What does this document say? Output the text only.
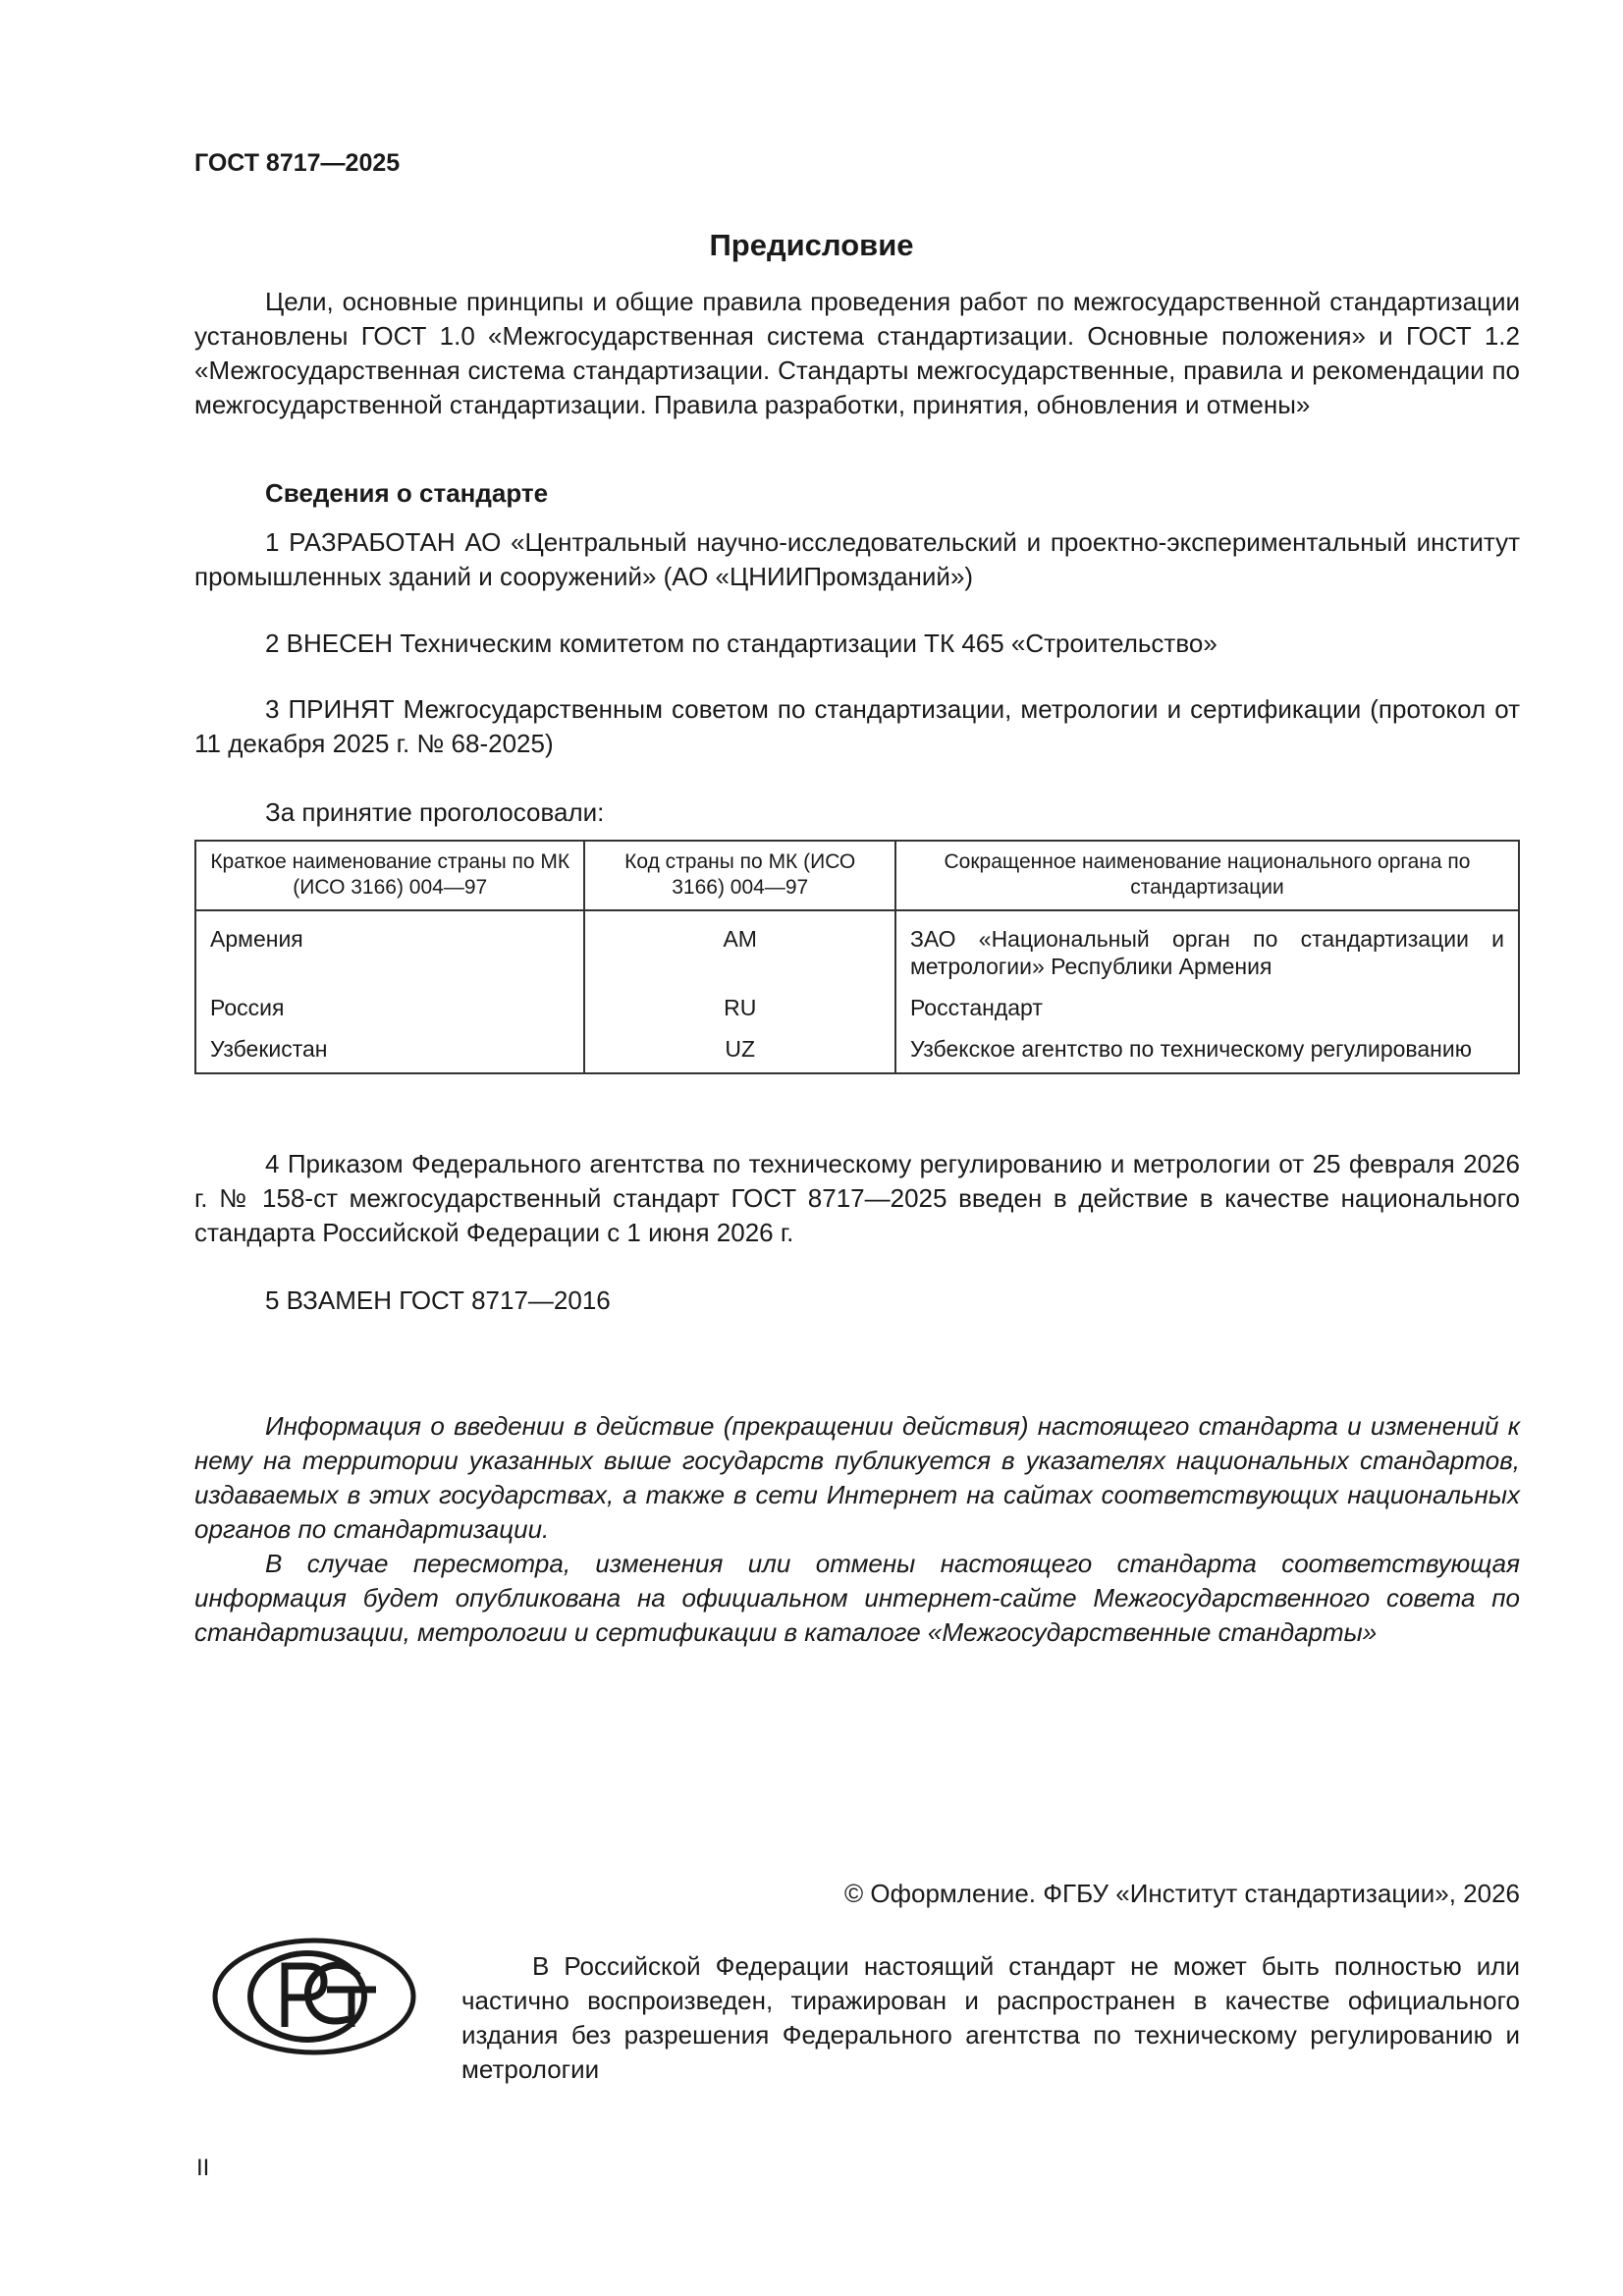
ГОСТ 8717—2025
Предисловие

Цели, основные принципы и общие правила проведения работ по межгосударственной стандартизации установлены ГОСТ 1.0 «Межгосударственная система стандартизации. Основные положения» и ГОСТ 1.2 «Межгосударственная система стандартизации. Стандарты межгосударственные, правила и рекомендации по межгосударственной стандартизации. Правила разработки, принятия, обновления и отмены»

Сведения о стандарте

1 РАЗРАБОТАН АО «Центральный научно-исследовательский и проектно-экспериментальный институт промышленных зданий и сооружений» (АО «ЦНИИПромзданий»)

2 ВНЕСЕН Техническим комитетом по стандартизации ТК 465 «Строительство»

3 ПРИНЯТ Межгосударственным советом по стандартизации, метрологии и сертификации (протокол от 11 декабря 2025 г. № 68-2025)

За принятие проголосовали:
Краткое наименование страны по МК (ИСО 3166) 004—97	Код страны по МК (ИСО 3166) 004—97	Сокращенное наименование национального органа по стандартизации
Армения	AM	ЗАО «Национальный орган по стандартизации и метрологии» Республики Армения
Россия	RU	Росстандарт
Узбекистан	UZ	Узбекское агентство по техническому регулированию

4 Приказом Федерального агентства по техническому регулированию и метрологии от 25 февраля 2026 г. № 158-ст межгосударственный стандарт ГОСТ 8717—2025 введен в действие в качестве национального стандарта Российской Федерации с 1 июня 2026 г.

5 ВЗАМЕН ГОСТ 8717—2016

Информация о введении в действие (прекращении действия) настоящего стандарта и изменений к нему на территории указанных выше государств публикуется в указателях национальных стандартов, издаваемых в этих государствах, а также в сети Интернет на сайтах соответствующих национальных органов по стандартизации.

В случае пересмотра, изменения или отмены настоящего стандарта соответствующая информация будет опубликована на официальном интернет-сайте Межгосударственного совета по стандартизации, метрологии и сертификации в каталоге «Межгосударственные стандарты»

© Оформление. ФГБУ «Институт стандартизации», 2026

В Российской Федерации настоящий стандарт не может быть полностью или частично воспроизведен, тиражирован и распространен в качестве официального издания без разрешения Федерального агентства по техническому регулированию и метрологии

II
